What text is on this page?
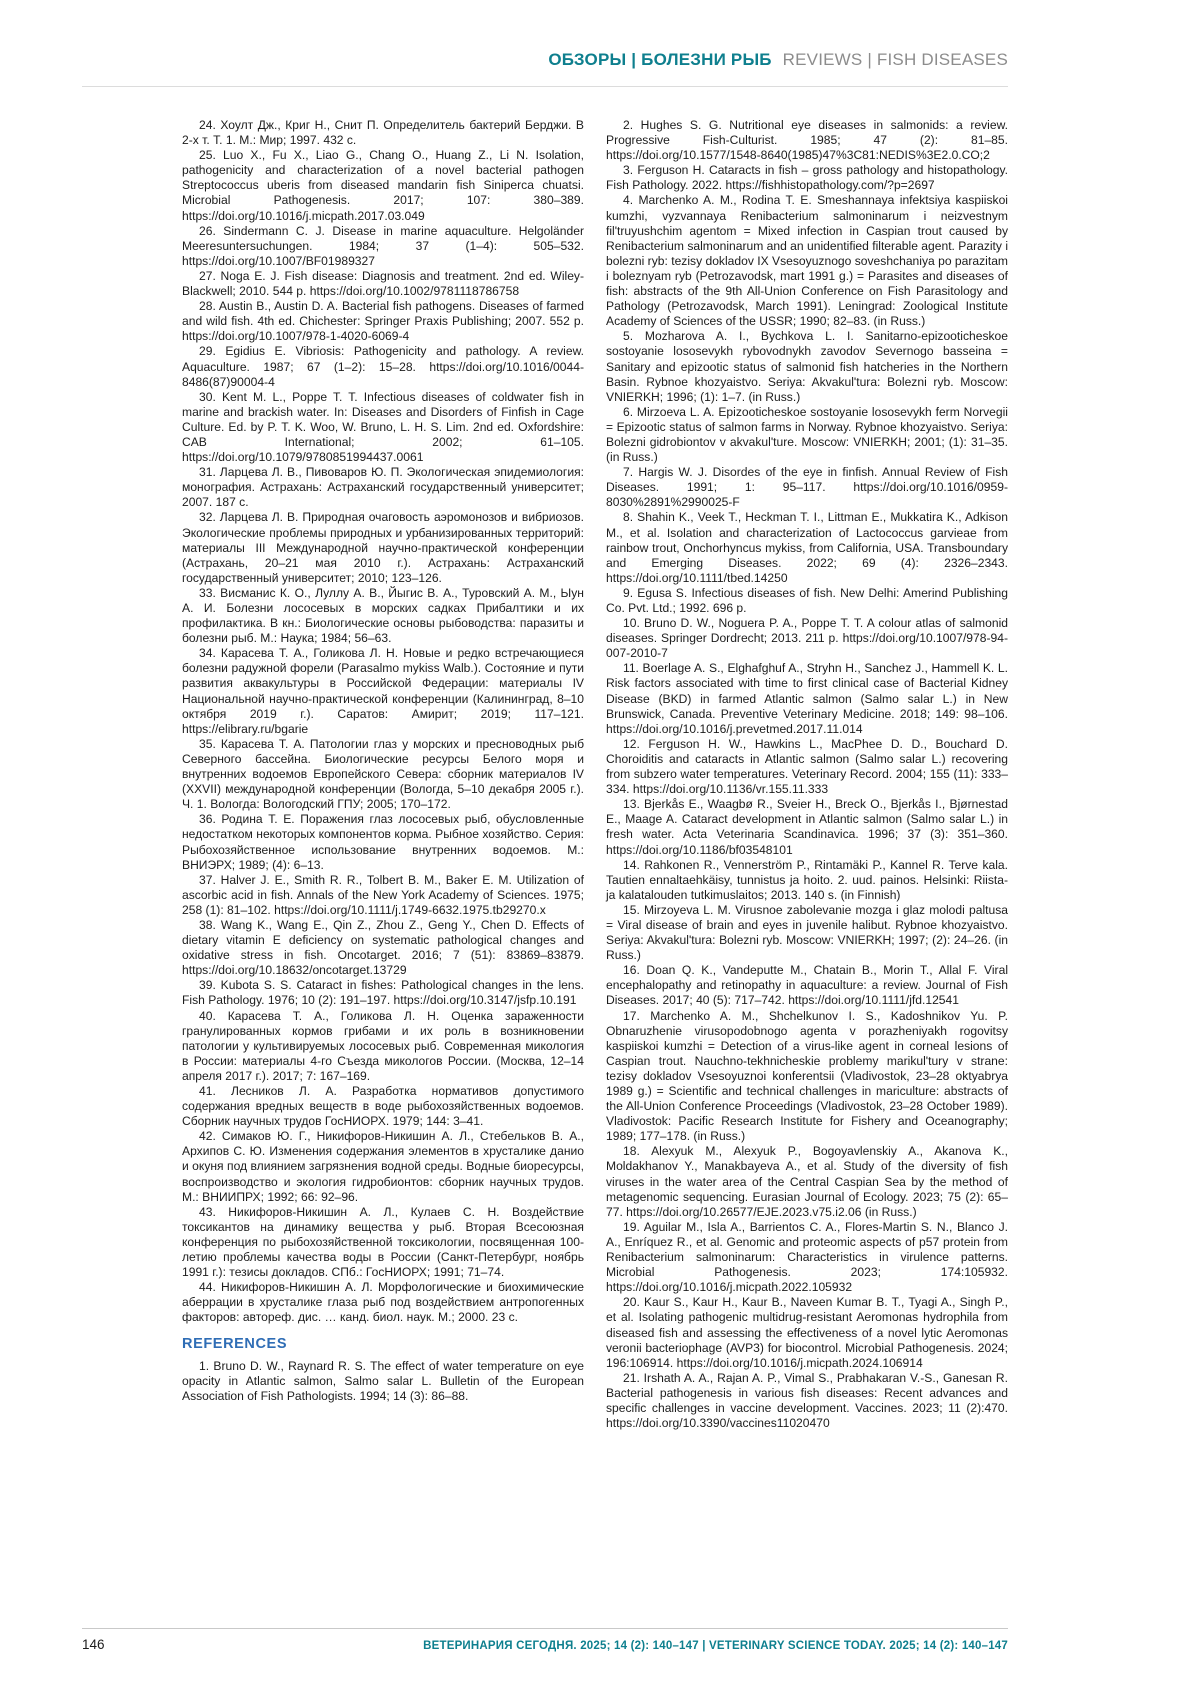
ОБЗОРЫ | БОЛЕЗНИ РЫБ REVIEWS | FISH DISEASES

24. Хоулт Дж., Криг Н., Снит П. Определитель бактерий Берджи. В 2-х т. Т. 1. М.: Мир; 1997. 432 с.

25. Luo X., Fu X., Liao G., Chang O., Huang Z., Li N. Isolation, pathogenicity and characterization of a novel bacterial pathogen Streptococcus uberis from diseased mandarin fish Siniperca chuatsi. Microbial Pathogenesis. 2017; 107: 380–389. https://doi.org/10.1016/j.micpath.2017.03.049

26. Sindermann C. J. Disease in marine aquaculture. Helgoländer Meeresuntersuchungen. 1984; 37 (1–4): 505–532. https://doi.org/10.1007/BF01989327

27. Noga E. J. Fish disease: Diagnosis and treatment. 2nd ed. Wiley-Blackwell; 2010. 544 p. https://doi.org/10.1002/9781118786758

28. Austin B., Austin D. A. Bacterial fish pathogens. Diseases of farmed and wild fish. 4th ed. Chichester: Springer Praxis Publishing; 2007. 552 p. https://doi.org/10.1007/978-1-4020-6069-4

29. Egidius E. Vibriosis: Pathogenicity and pathology. A review. Aquaculture. 1987; 67 (1–2): 15–28. https://doi.org/10.1016/0044-8486(87)90004-4

30. Kent M. L., Poppe T. T. Infectious diseases of coldwater fish in marine and brackish water. In: Diseases and Disorders of Finfish in Cage Culture. Ed. by P. T. K. Woo, W. Bruno, L. H. S. Lim. 2nd ed. Oxfordshire: CAB International; 2002; 61–105. https://doi.org/10.1079/9780851994437.0061

31. Ларцева Л. В., Пивоваров Ю. П. Экологическая эпидемиология: монография. Астрахань: Астраханский государственный университет; 2007. 187 с.

32. Ларцева Л. В. Природная очаговость аэромонозов и вибриозов. Экологические проблемы природных и урбанизированных территорий: материалы III Международной научно-практической конференции (Астрахань, 20–21 мая 2010 г.). Астрахань: Астраханский государственный университет; 2010; 123–126.

33. Висманис К. О., Луллу А. В., Йыгис В. А., Туровский А. М., Ыун А. И. Болезни лососевых в морских садках Прибалтики и их профилактика. В кн.: Биологические основы рыбоводства: паразиты и болезни рыб. М.: Наука; 1984; 56–63.

34. Карасева Т. А., Голикова Л. Н. Новые и редко встречающиеся болезни радужной форели (Parasalmo mykiss Walb.). Состояние и пути развития аквакультуры в Российской Федерации: материалы IV Национальной научно-практической конференции (Калининград, 8–10 октября 2019 г.). Саратов: Амирит; 2019; 117–121. https://elibrary.ru/bgarie

35. Карасева Т. А. Патологии глаз у морских и пресноводных рыб Северного бассейна. Биологические ресурсы Белого моря и внутренних водоемов Европейского Севера: сборник материалов IV (XXVII) международной конференции (Вологда, 5–10 декабря 2005 г.). Ч. 1. Вологда: Вологодский ГПУ; 2005; 170–172.

36. Родина Т. Е. Поражения глаз лососевых рыб, обусловленные недостатком некоторых компонентов корма. Рыбное хозяйство. Серия: Рыбохозяйственное использование внутренних водоемов. М.: ВНИЭРХ; 1989; (4): 6–13.

37. Halver J. E., Smith R. R., Tolbert B. M., Baker E. M. Utilization of ascorbic acid in fish. Annals of the New York Academy of Sciences. 1975; 258 (1): 81–102. https://doi.org/10.1111/j.1749-6632.1975.tb29270.x

38. Wang K., Wang E., Qin Z., Zhou Z., Geng Y., Chen D. Effects of dietary vitamin E deficiency on systematic pathological changes and oxidative stress in fish. Oncotarget. 2016; 7 (51): 83869–83879. https://doi.org/10.18632/oncotarget.13729

39. Kubota S. S. Cataract in fishes: Pathological changes in the lens. Fish Pathology. 1976; 10 (2): 191–197. https://doi.org/10.3147/jsfp.10.191

40. Карасева Т. А., Голикова Л. Н. Оценка зараженности гранулированных кормов грибами и их роль в возникновении патологии у культивируемых лососевых рыб. Современная микология в России: материалы 4-го Съезда микологов России. (Москва, 12–14 апреля 2017 г.). 2017; 7: 167–169.

41. Лесников Л. А. Разработка нормативов допустимого содержания вредных веществ в воде рыбохозяйственных водоемов. Сборник научных трудов ГосНИОРХ. 1979; 144: 3–41.

42. Симаков Ю. Г., Никифоров-Никишин А. Л., Стебельков В. А., Архипов С. Ю. Изменения содержания элементов в хрусталике данио и окуня под влиянием загрязнения водной среды. Водные биоресурсы, воспроизводство и экология гидробионтов: сборник научных трудов. М.: ВНИИПРХ; 1992; 66: 92–96.

43. Никифоров-Никишин А. Л., Кулаев С. Н. Воздействие токсикантов на динамику вещества у рыб. Вторая Всесоюзная конференция по рыбохозяйственной токсикологии, посвященная 100-летию проблемы качества воды в России (Санкт-Петербург, ноябрь 1991 г.): тезисы докладов. СПб.: ГосНИОРХ; 1991; 71–74.

44. Никифоров-Никишин А. Л. Морфологические и биохимические аберрации в хрусталике глаза рыб под воздействием антропогенных факторов: автореф. дис. … канд. биол. наук. М.; 2000. 23 с.

REFERENCES

1. Bruno D. W., Raynard R. S. The effect of water temperature on eye opacity in Atlantic salmon, Salmo salar L. Bulletin of the European Association of Fish Pathologists. 1994; 14 (3): 86–88.

2. Hughes S. G. Nutritional eye diseases in salmonids: a review. Progressive Fish-Culturist. 1985; 47 (2): 81–85. https://doi.org/10.1577/1548-8640(1985)47%3C81:NEDIS%3E2.0.CO;2

3. Ferguson H. Cataracts in fish – gross pathology and histopathology. Fish Pathology. 2022. https://fishhistopathology.com/?p=2697

4. Marchenko A. M., Rodina T. E. Smeshannaya infektsiya kaspiiskoi kumzhi, vyzvannaya Renibacterium salmoninarum i neizvestnym fil'truyushchim agentom = Mixed infection in Caspian trout caused by Renibacterium salmoninarum and an unidentified filterable agent. Parazity i bolezni ryb: tezisy dokladov IX Vsesoyuznogo soveshchaniya po parazitam i boleznyam ryb (Petrozavodsk, mart 1991 g.) = Parasites and diseases of fish: abstracts of the 9th All-Union Conference on Fish Parasitology and Pathology (Petrozavodsk, March 1991). Leningrad: Zoological Institute Academy of Sciences of the USSR; 1990; 82–83. (in Russ.)

5. Mozharova A. I., Bychkova L. I. Sanitarno-epizooticheskoe sostoyanie lososevykh rybovodnykh zavodov Severnogo basseina = Sanitary and epizootic status of salmonid fish hatcheries in the Northern Basin. Rybnoe khozyaistvo. Seriya: Akvakul'tura: Bolezni ryb. Moscow: VNIERKH; 1996; (1): 1–7. (in Russ.)

6. Mirzoeva L. A. Epizooticheskoe sostoyanie lososevykh ferm Norvegii = Epizootic status of salmon farms in Norway. Rybnoe khozyaistvo. Seriya: Bolezni gidrobiontov v akvakul'ture. Moscow: VNIERKH; 2001; (1): 31–35. (in Russ.)

7. Hargis W. J. Disordes of the eye in finfish. Annual Review of Fish Diseases. 1991; 1: 95–117. https://doi.org/10.1016/0959-8030%2891%2990025-F

8. Shahin K., Veek T., Heckman T. I., Littman E., Mukkatira K., Adkison M., et al. Isolation and characterization of Lactococcus garvieae from rainbow trout, Onchorhyncus mykiss, from California, USA. Transboundary and Emerging Diseases. 2022; 69 (4): 2326–2343. https://doi.org/10.1111/tbed.14250

9. Egusa S. Infectious diseases of fish. New Delhi: Amerind Publishing Co. Pvt. Ltd.; 1992. 696 p.

10. Bruno D. W., Noguera P. A., Poppe T. T. A colour atlas of salmonid diseases. Springer Dordrecht; 2013. 211 p. https://doi.org/10.1007/978-94-007-2010-7

11. Boerlage A. S., Elghafghuf A., Stryhn H., Sanchez J., Hammell K. L. Risk factors associated with time to first clinical case of Bacterial Kidney Disease (BKD) in farmed Atlantic salmon (Salmo salar L.) in New Brunswick, Canada. Preventive Veterinary Medicine. 2018; 149: 98–106. https://doi.org/10.1016/j.prevetmed.2017.11.014

12. Ferguson H. W., Hawkins L., MacPhee D. D., Bouchard D. Choroiditis and cataracts in Atlantic salmon (Salmo salar L.) recovering from subzero water temperatures. Veterinary Record. 2004; 155 (11): 333–334. https://doi.org/10.1136/vr.155.11.333

13. Bjerkås E., Waagbø R., Sveier H., Breck O., Bjerkås I., Bjørnestad E., Maage A. Cataract development in Atlantic salmon (Salmo salar L.) in fresh water. Acta Veterinaria Scandinavica. 1996; 37 (3): 351–360. https://doi.org/10.1186/bf03548101

14. Rahkonen R., Vennerström P., Rintamäki P., Kannel R. Terve kala. Tautien ennaltaehkäisy, tunnistus ja hoito. 2. uud. painos. Helsinki: Riista- ja kalatalouden tutkimuslaitos; 2013. 140 s. (in Finnish)

15. Mirzoyeva L. M. Virusnoe zabolevanie mozga i glaz molodi paltusa = Viral disease of brain and eyes in juvenile halibut. Rybnoe khozyaistvo. Seriya: Akvakul'tura: Bolezni ryb. Moscow: VNIERKH; 1997; (2): 24–26. (in Russ.)

16. Doan Q. K., Vandeputte M., Chatain B., Morin T., Allal F. Viral encephalopathy and retinopathy in aquaculture: a review. Journal of Fish Diseases. 2017; 40 (5): 717–742. https://doi.org/10.1111/jfd.12541

17. Marchenko A. M., Shchelkunov I. S., Kadoshnikov Yu. P. Obnaruzhenie virusopodobnogo agenta v porazheniyakh rogovitsy kaspiiskoi kumzhi = Detection of a virus-like agent in corneal lesions of Caspian trout. Nauchno-tekhnicheskie problemy marikul'tury v strane: tezisy dokladov Vsesoyuznoi konferentsii (Vladivostok, 23–28 oktyabrya 1989 g.) = Scientific and technical challenges in mariculture: abstracts of the All-Union Conference Proceedings (Vladivostok, 23–28 October 1989). Vladivostok: Pacific Research Institute for Fishery and Oceanography; 1989; 177–178. (in Russ.)

18. Alexyuk M., Alexyuk P., Bogoyavlenskiy A., Akanova K., Moldakhanov Y., Manakbayeva A., et al. Study of the diversity of fish viruses in the water area of the Central Caspian Sea by the method of metagenomic sequencing. Eurasian Journal of Ecology. 2023; 75 (2): 65–77. https://doi.org/10.26577/EJE.2023.v75.i2.06 (in Russ.)

19. Aguilar M., Isla A., Barrientos C. A., Flores-Martin S. N., Blanco J. A., Enríquez R., et al. Genomic and proteomic aspects of p57 protein from Renibacterium salmoninarum: Characteristics in virulence patterns. Microbial Pathogenesis. 2023; 174:105932. https://doi.org/10.1016/j.micpath.2022.105932

20. Kaur S., Kaur H., Kaur B., Naveen Kumar B. T., Tyagi A., Singh P., et al. Isolating pathogenic multidrug-resistant Aeromonas hydrophila from diseased fish and assessing the effectiveness of a novel lytic Aeromonas veronii bacteriophage (AVP3) for biocontrol. Microbial Pathogenesis. 2024; 196:106914. https://doi.org/10.1016/j.micpath.2024.106914

21. Irshath A. A., Rajan A. P., Vimal S., Prabhakaran V.-S., Ganesan R. Bacterial pathogenesis in various fish diseases: Recent advances and specific challenges in vaccine development. Vaccines. 2023; 11 (2):470. https://doi.org/10.3390/vaccines11020470

146	ВЕТЕРИНАРИЯ СЕГОДНЯ. 2025; 14 (2): 140–147 | VETERINARY SCIENCE TODAY. 2025; 14 (2): 140–147
